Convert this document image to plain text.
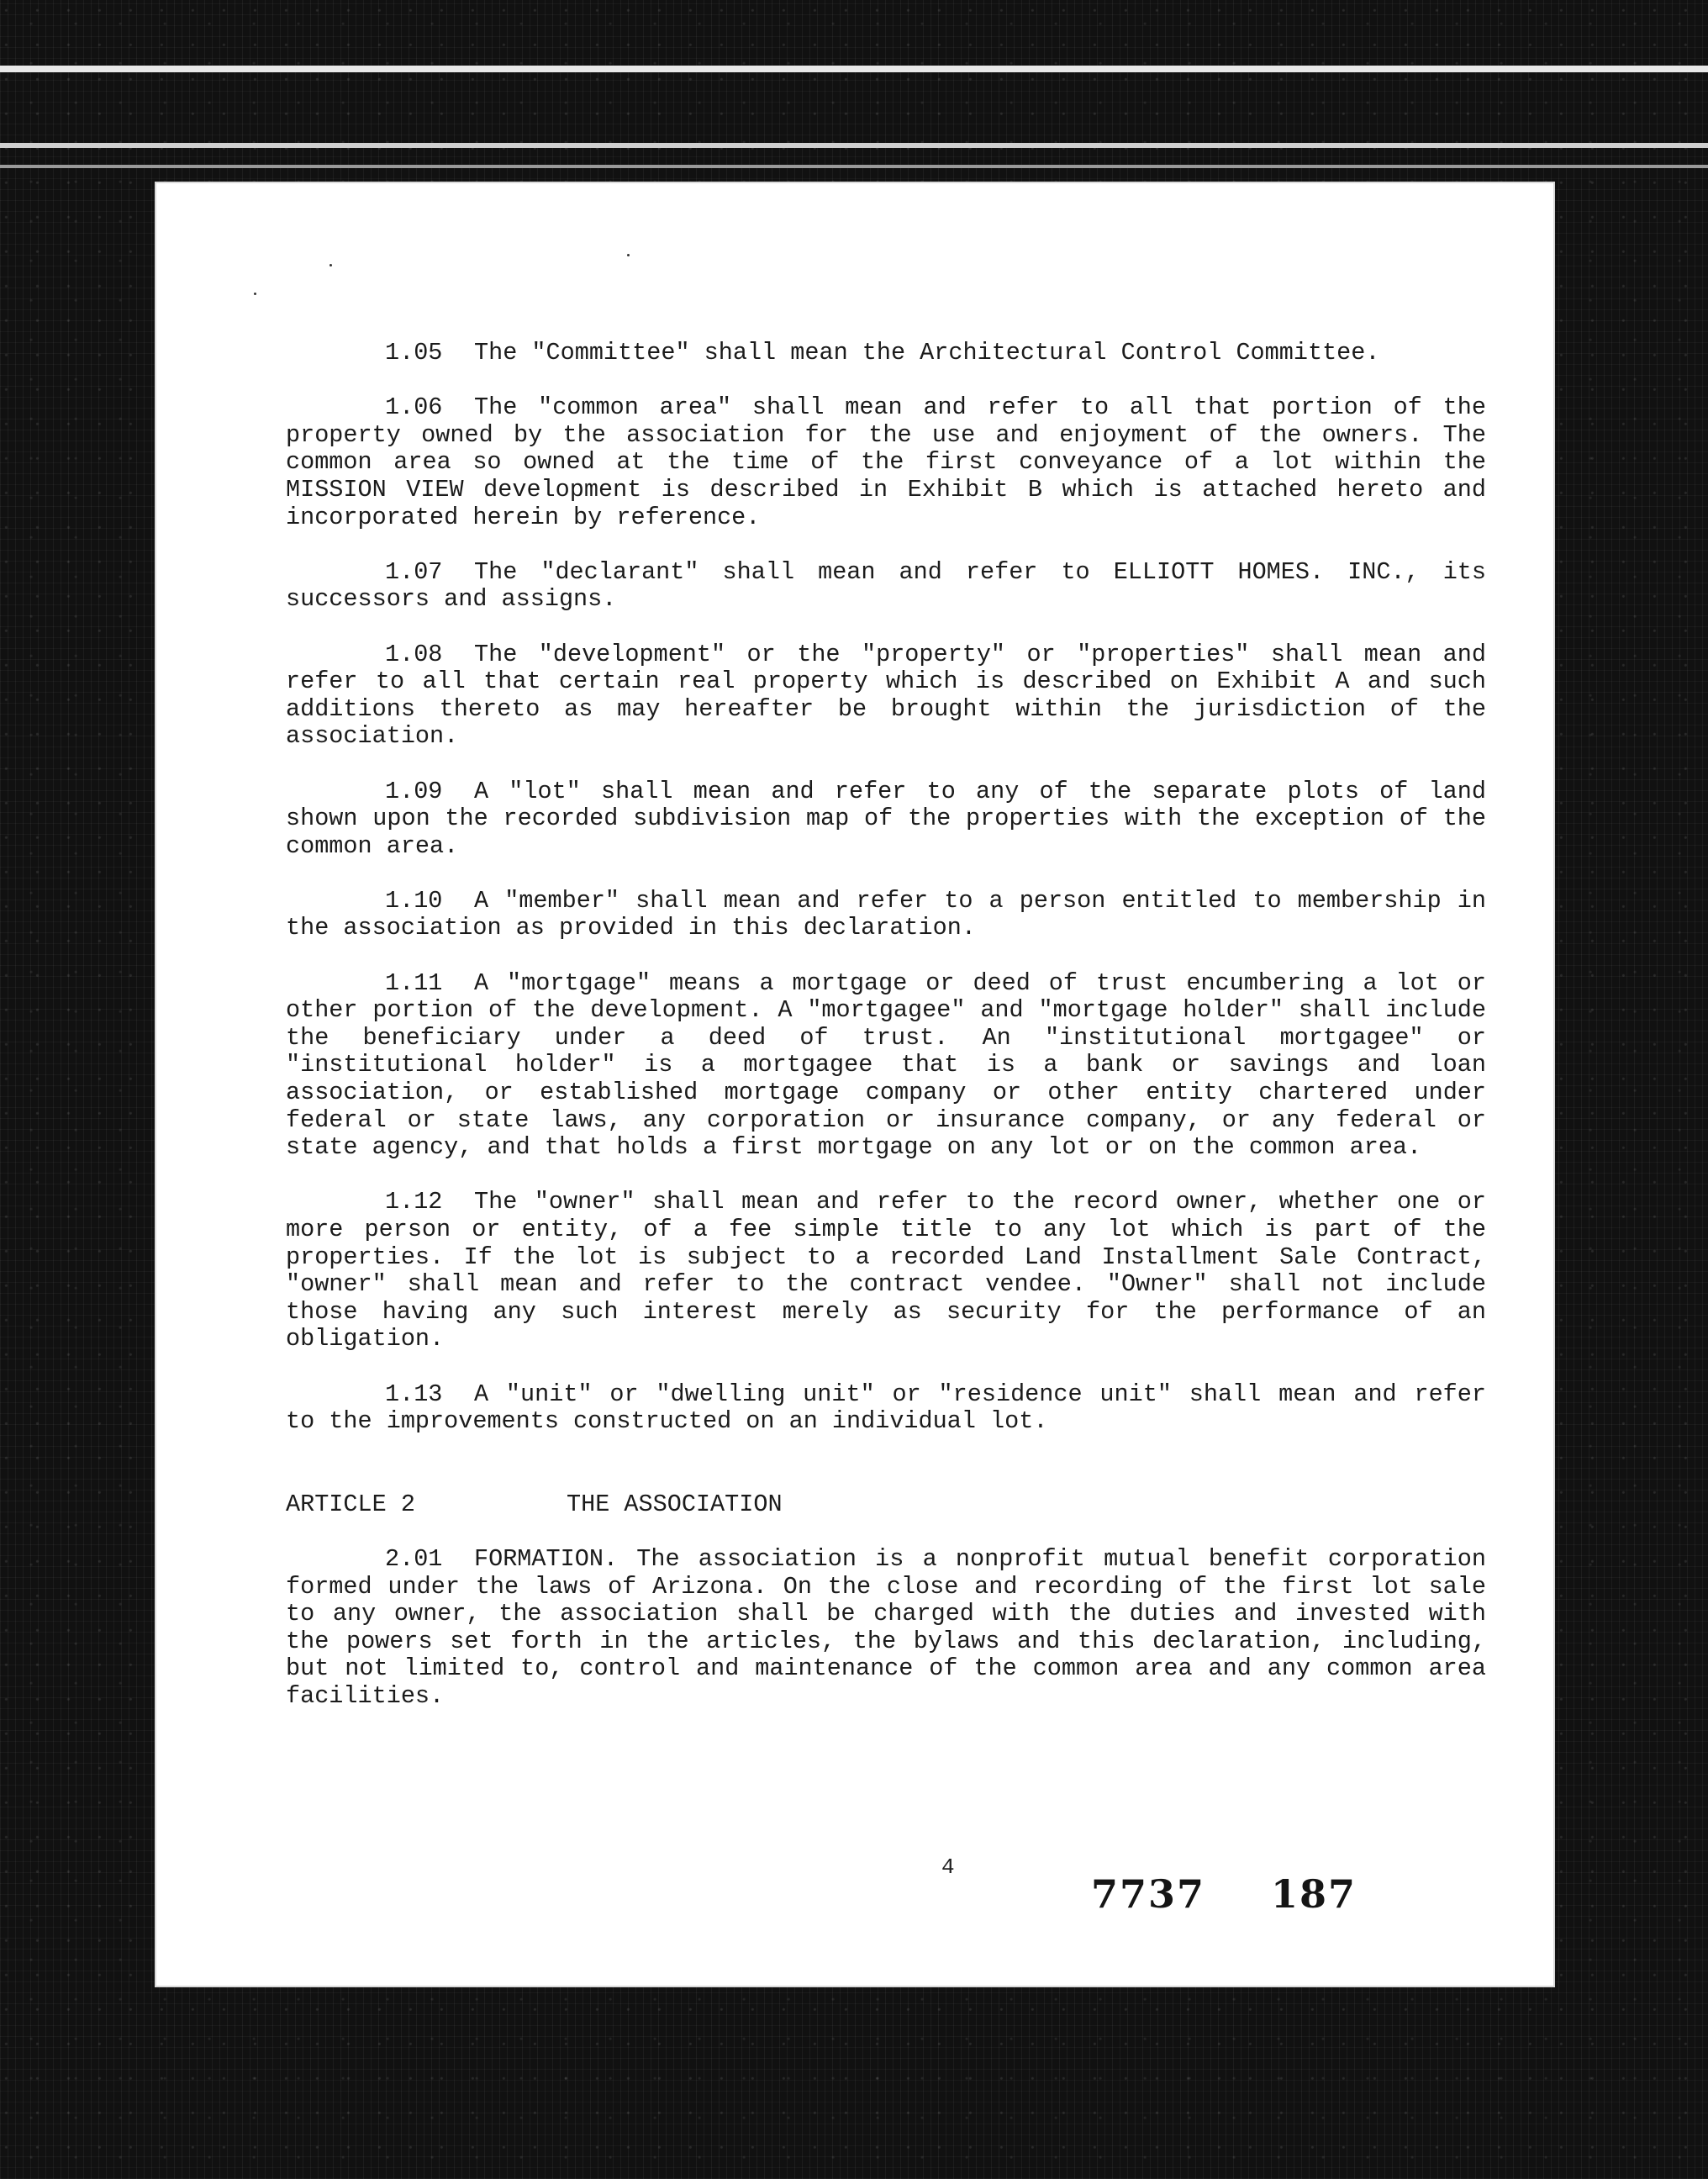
1.05 The "Committee" shall mean the Architectural Control Committee.

1.06 The "common area" shall mean and refer to all that portion of the property owned by the association for the use and enjoyment of the owners. The common area so owned at the time of the first conveyance of a lot within the MISSION VIEW development is described in Exhibit B which is attached hereto and incorporated herein by reference.

1.07 The "declarant" shall mean and refer to ELLIOTT HOMES. INC., its successors and assigns.

1.08 The "development" or the "property" or "properties" shall mean and refer to all that certain real property which is described on Exhibit A and such additions thereto as may hereafter be brought within the jurisdiction of the association.

1.09 A "lot" shall mean and refer to any of the separate plots of land shown upon the recorded subdivision map of the properties with the exception of the common area.

1.10 A "member" shall mean and refer to a person entitled to membership in the association as provided in this declaration.

1.11 A "mortgage" means a mortgage or deed of trust encumbering a lot or other portion of the development. A "mortgagee" and "mortgage holder" shall include the beneficiary under a deed of trust. An "institutional mortgagee" or "institutional holder" is a mortgagee that is a bank or savings and loan association, or established mortgage company or other entity chartered under federal or state laws, any corporation or insurance company, or any federal or state agency, and that holds a first mortgage on any lot or on the common area.

1.12 The "owner" shall mean and refer to the record owner, whether one or more person or entity, of a fee simple title to any lot which is part of the properties. If the lot is subject to a recorded Land Installment Sale Contract, "owner" shall mean and refer to the contract vendee. "Owner" shall not include those having any such interest merely as security for the performance of an obligation.

1.13 A "unit" or "dwelling unit" or "residence unit" shall mean and refer to the improvements constructed on an individual lot.

ARTICLE 2	THE ASSOCIATION

2.01 FORMATION. The association is a nonprofit mutual benefit corporation formed under the laws of Arizona. On the close and recording of the first lot sale to any owner, the association shall be charged with the duties and invested with the powers set forth in the articles, the bylaws and this declaration, including, but not limited to, control and maintenance of the common area and any common area facilities.

4
7737 187
